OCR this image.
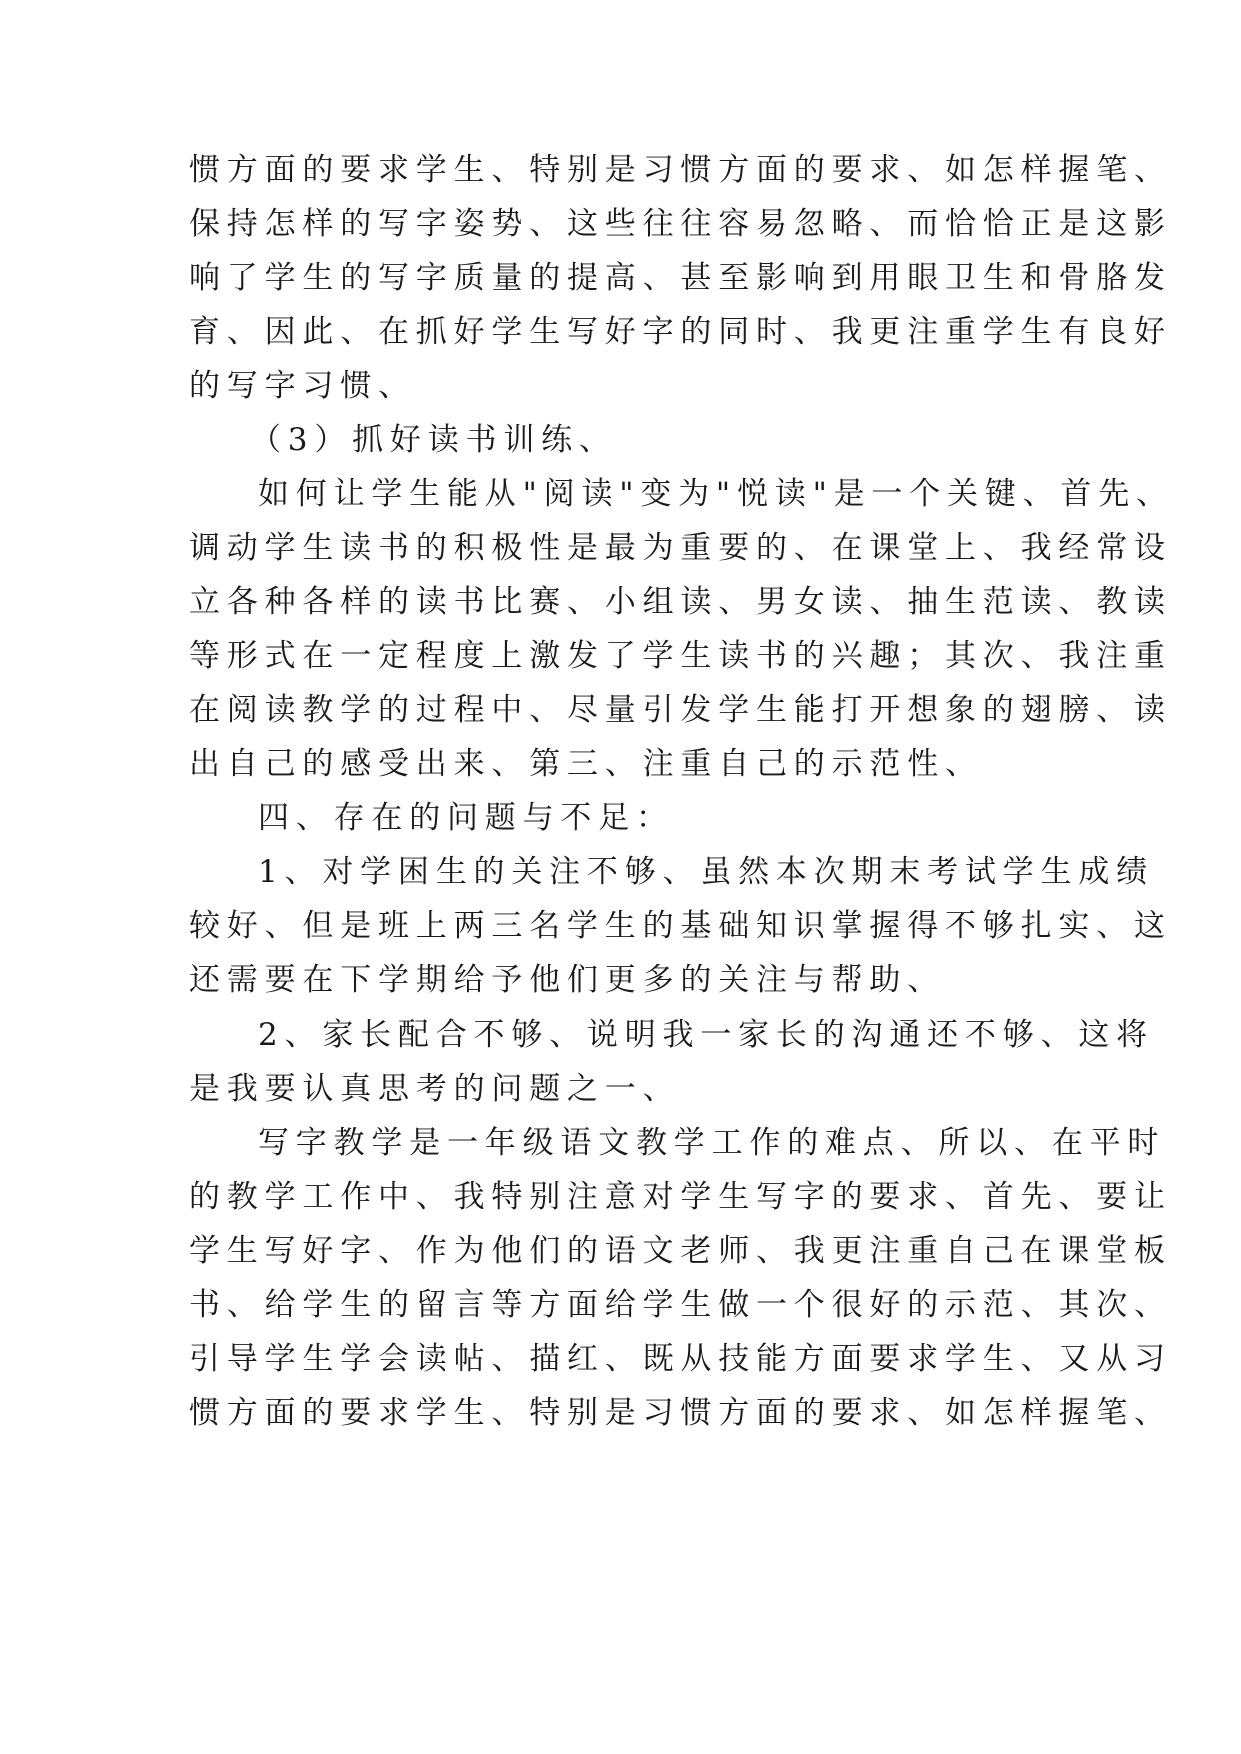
惯方面的要求学生、特别是习惯方面的要求、如怎样握笔、
保持怎样的写字姿势、这些往往容易忽略、而恰恰正是这影
响了学生的写字质量的提高、甚至影响到用眼卫生和骨胳发
育、因此、在抓好学生写好字的同时、我更注重学生有良好
的写字习惯、
（3）抓好读书训练、
如何让学生能从"阅读"变为"悦读"是一个关键、首先、
调动学生读书的积极性是最为重要的、在课堂上、我经常设
立各种各样的读书比赛、小组读、男女读、抽生范读、教读
等形式在一定程度上激发了学生读书的兴趣；其次、我注重
在阅读教学的过程中、尽量引发学生能打开想象的翅膀、读
出自己的感受出来、第三、注重自己的示范性、
四、存在的问题与不足：
1、对学困生的关注不够、虽然本次期末考试学生成绩
较好、但是班上两三名学生的基础知识掌握得不够扎实、这
还需要在下学期给予他们更多的关注与帮助、
2、家长配合不够、说明我一家长的沟通还不够、这将
是我要认真思考的问题之一、
写字教学是一年级语文教学工作的难点、所以、在平时
的教学工作中、我特别注意对学生写字的要求、首先、要让
学生写好字、作为他们的语文老师、我更注重自己在课堂板
书、给学生的留言等方面给学生做一个很好的示范、其次、
引导学生学会读帖、描红、既从技能方面要求学生、又从习
惯方面的要求学生、特别是习惯方面的要求、如怎样握笔、
